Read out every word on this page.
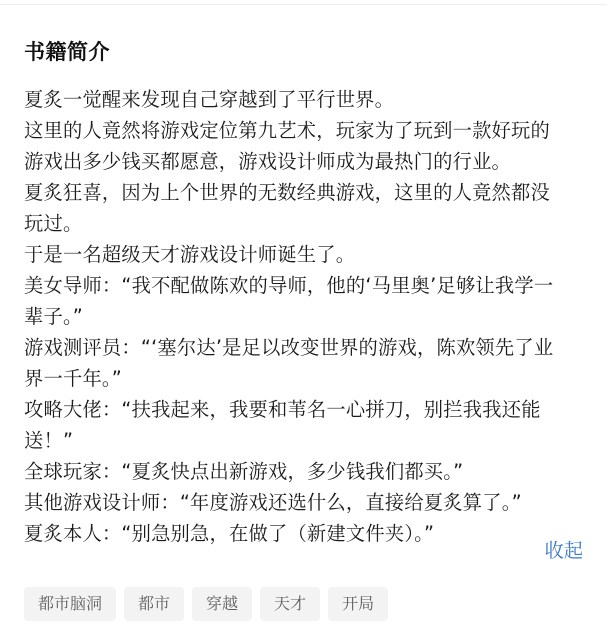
书籍简介

夏炙一觉醒来发现自己穿越到了平行世界。

这里的人竟然将游戏定位第九艺术，玩家为了玩到一款好玩的游戏出多少钱买都愿意，游戏设计师成为最热门的行业。

夏炙狂喜，因为上个世界的无数经典游戏，这里的人竟然都没玩过。

于是一名超级天才游戏设计师诞生了。

美女导师：“我不配做陈欢的导师，他的‘马里奥’足够让我学一辈子。”

游戏测评员：“‘塞尔达’是足以改变世界的游戏，陈欢领先了业界一千年。”

攻略大佬：“扶我起来，我要和苇名一心拼刀，别拦我我还能送！”

全球玩家：“夏炙快点出新游戏，多少钱我们都买。”

其他游戏设计师：“年度游戏还选什么，直接给夏炙算了。”

夏炙本人：“别急别急，在做了（新建文件夹）。”

收起
都市脑洞	都市	穿越	天才	开局
